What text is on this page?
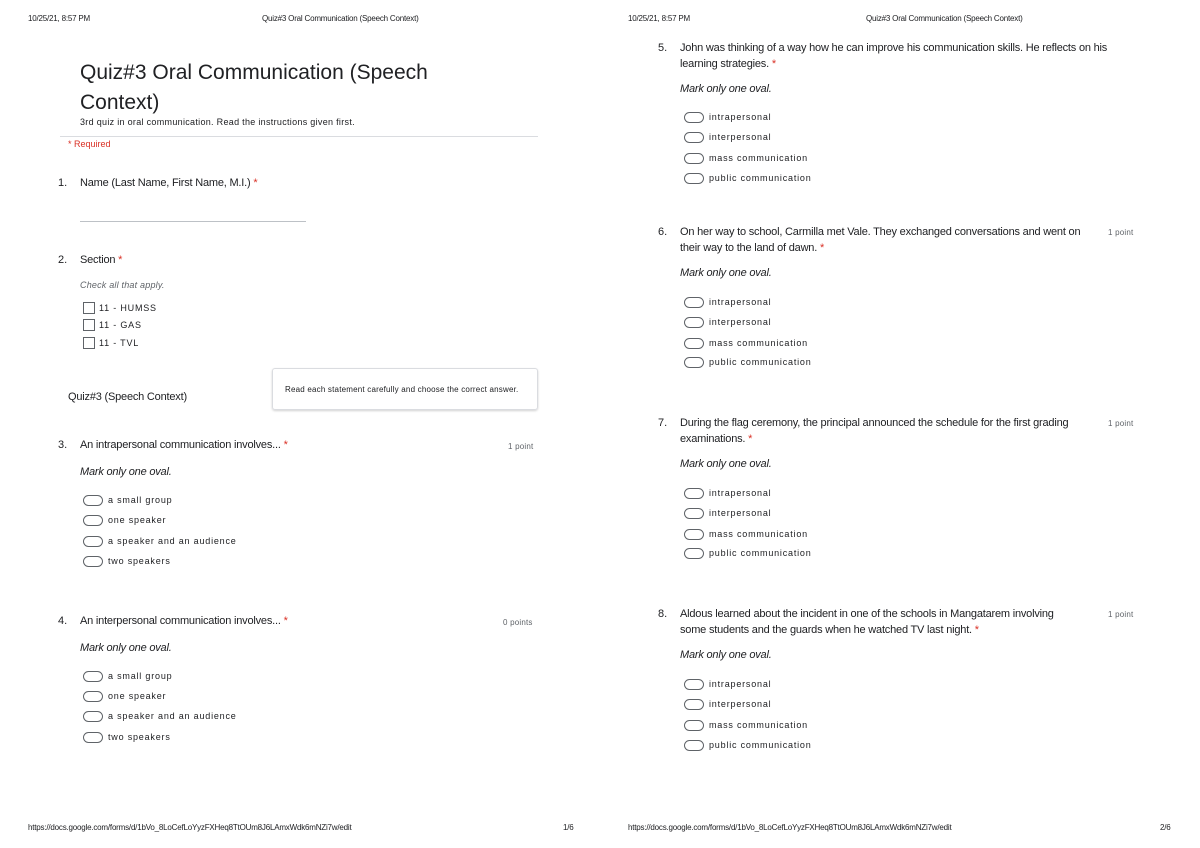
10/25/21, 8:57 PM	Quiz#3 Oral Communication (Speech Context)
Quiz#3 Oral Communication (Speech Context)
3rd quiz in oral communication. Read the instructions given first.
* Required
1. Name (Last Name, First Name, M.I.) *
2. Section *
Check all that apply.
11 - HUMSS
11 - GAS
11 - TVL
Quiz#3 (Speech Context)
Read each statement carefully and choose the correct answer.
3. An intrapersonal communication involves... *	1 point
Mark only one oval.
a small group
one speaker
a speaker and an audience
two speakers
4. An interpersonal communication involves... *	0 points
Mark only one oval.
a small group
one speaker
a speaker and an audience
two speakers
https://docs.google.com/forms/d/1bVo_8LoCefLoYyzFXHeq8TtOUm8J6LAmxWdk6mNZi7w/edit	1/6
10/25/21, 8:57 PM	Quiz#3 Oral Communication (Speech Context)
5. John was thinking of a way how he can improve his communication skills. He reflects on his
learning strategies. *
Mark only one oval.
intrapersonal
interpersonal
mass communication
public communication
6. On her way to school, Carmilla met Vale. They exchanged conversations and went on
their way to the land of dawn. *
1 point
Mark only one oval.
intrapersonal
interpersonal
mass communication
public communication
7. During the flag ceremony, the principal announced the schedule for the first grading
examinations. *
1 point
Mark only one oval.
intrapersonal
interpersonal
mass communication
public communication
8. Aldous learned about the incident in one of the schools in Mangatarem involving
some students and the guards when he watched TV last night. *
1 point
Mark only one oval.
intrapersonal
interpersonal
mass communication
public communication
https://docs.google.com/forms/d/1bVo_8LoCefLoYyzFXHeq8TtOUm8J6LAmxWdk6mNZi7w/edit	2/6
